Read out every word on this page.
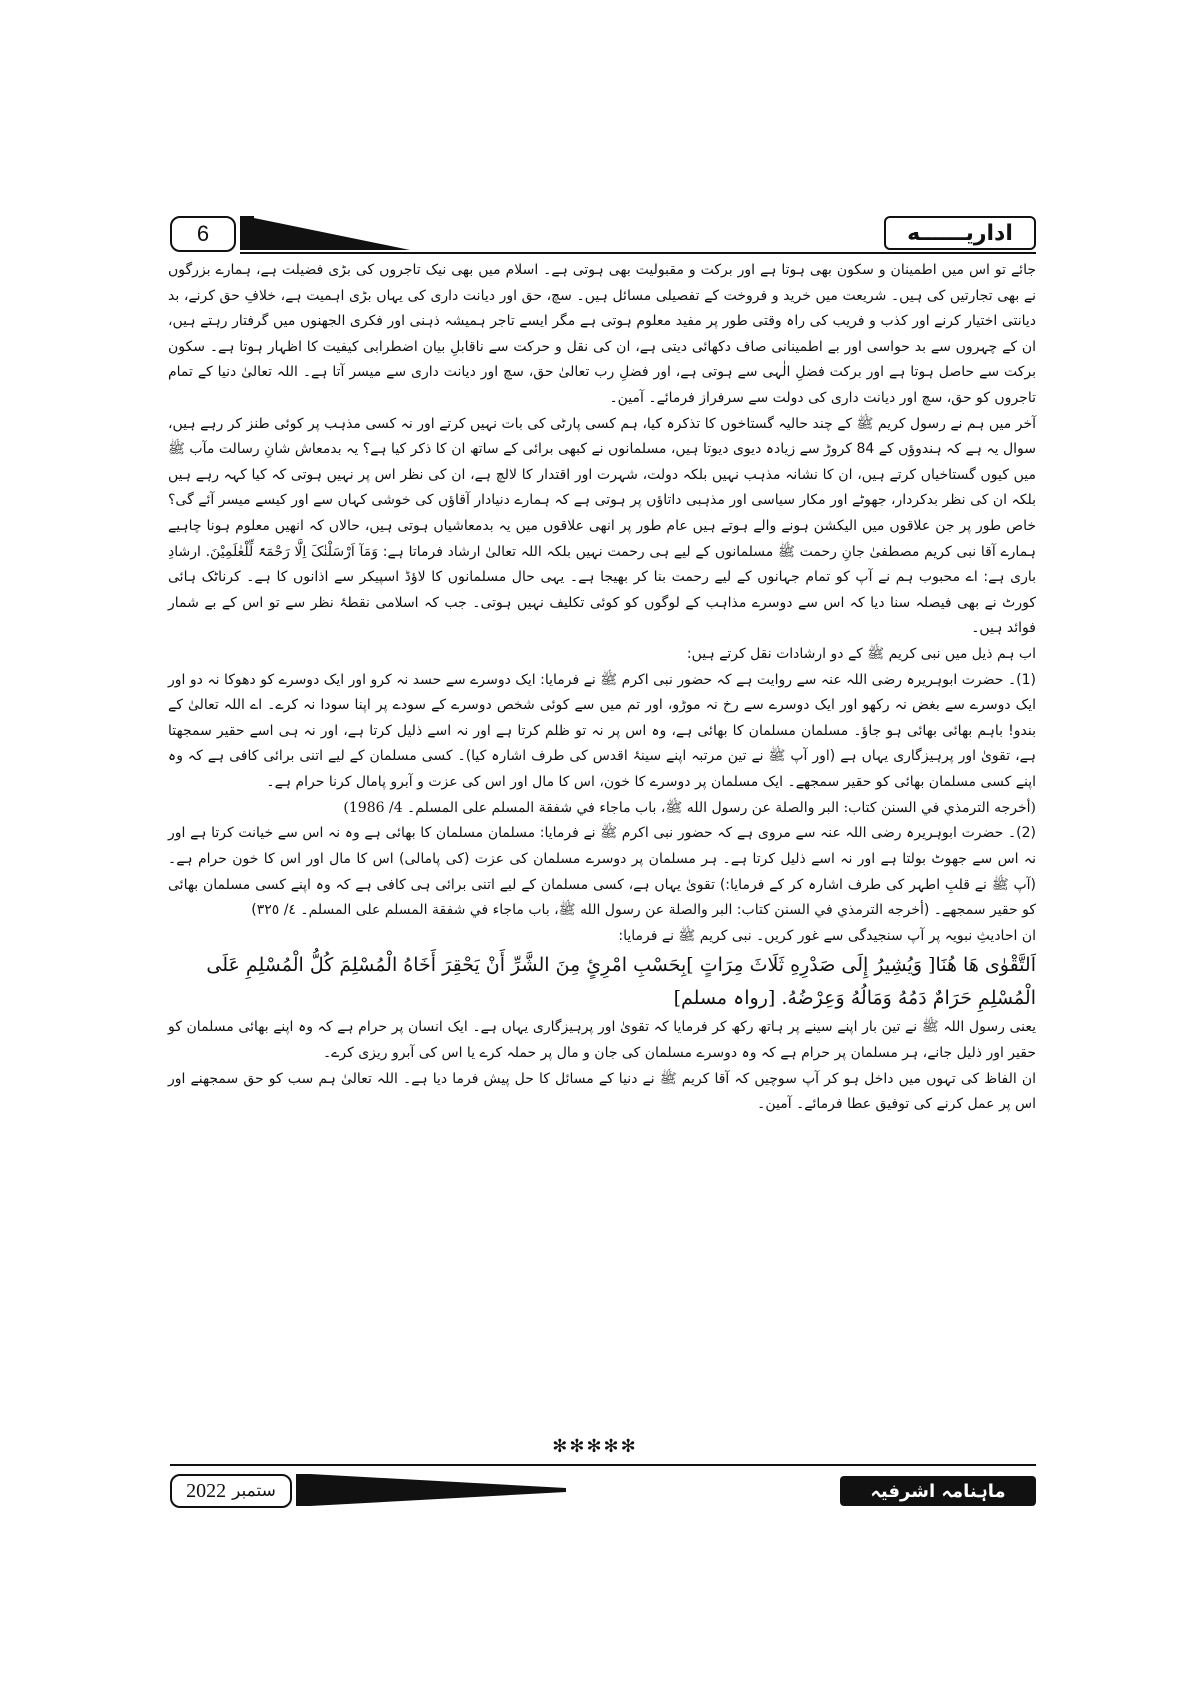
6	اداریــــــه

جائے تو اس میں اطمینان و سکون بھی ہوتا ہے اور برکت و مقبولیت بھی ہوتی ہے۔ اسلام میں بھی نیک تاجروں کی بڑی فضیلت ہے، ہمارے بزرگوں نے بھی تجارتیں کی ہیں۔ شریعت میں خرید و فروخت کے تفصیلی مسائل ہیں۔ سچ، حق اور دیانت داری کی یہاں بڑی اہمیت ہے، خلافِ حق کرنے، بد دیانتی اختیار کرنے اور کذب و فریب کی راہ وقتی طور پر مفید معلوم ہوتی ہے مگر ایسے تاجر ہمیشہ ذہنی اور فکری الجھنوں میں گرفتار رہتے ہیں، ان کے چہروں سے بد حواسی اور بے اطمینانی صاف دکھائی دیتی ہے، ان کی نقل و حرکت سے ناقابلِ بیان اضطرابی کیفیت کا اظہار ہوتا ہے۔ سکون برکت سے حاصل ہوتا ہے اور برکت فضلِ الٰہی سے ہوتی ہے، اور فضلِ رب تعالیٰ حق، سچ اور دیانت داری سے میسر آتا ہے۔ اللہ تعالیٰ دنیا کے تمام تاجروں کو حق، سچ اور دیانت داری کی دولت سے سرفراز فرمائے۔ آمین۔

آخر میں ہم نے رسول کریم ﷺ کے چند حالیہ گستاخوں کا تذکرہ کیا، ہم کسی پارٹی کی بات نہیں کرتے اور نہ کسی مذہب پر کوئی طنز کر رہے ہیں، سوال یہ ہے کہ ہندوؤں کے 84 کروڑ سے زیادہ دیوی دیوتا ہیں، مسلمانوں نے کبھی برائی کے ساتھ ان کا ذکر کیا ہے؟ یہ بدمعاش شانِ رسالت مآب ﷺ میں کیوں گستاخیاں کرتے ہیں، ان کا نشانہ مذہب نہیں بلکہ دولت، شہرت اور اقتدار کا لالچ ہے، ان کی نظر اس پر نہیں ہوتی کہ کیا کہہ رہے ہیں بلکہ ان کی نظر بدکردار، جھوٹے اور مکار سیاسی اور مذہبی داتاؤں پر ہوتی ہے کہ ہمارے دنیادار آقاؤں کی خوشی کہاں سے اور کیسے میسر آئے گی؟ خاص طور پر جن علاقوں میں الیکشن ہونے والے ہوتے ہیں عام طور پر انھی علاقوں میں یہ بدمعاشیاں ہوتی ہیں، حالاں کہ انھیں معلوم ہونا چاہیے ہمارے آقا نبی کریم مصطفیٰ جانِ رحمت ﷺ مسلمانوں کے لیے ہی رحمت نہیں بلکہ اللہ تعالیٰ ارشاد فرماتا ہے: وَمَآ اَرْسَلْنٰکَ اِلَّا رَحْمَۃً لِّلْعٰلَمِیْنَ. ارشادِ باری ہے: اے محبوب ہم نے آپ کو تمام جہانوں کے لیے رحمت بنا کر بھیجا ہے۔ یہی حال مسلمانوں کا لاؤڈ اسپیکر سے اذانوں کا ہے۔ کرناٹک ہائی کورٹ نے بھی فیصلہ سنا دیا کہ اس سے دوسرے مذاہب کے لوگوں کو کوئی تکلیف نہیں ہوتی۔ جب کہ اسلامی نقطۂ نظر سے تو اس کے بے شمار فوائد ہیں۔

اب ہم ذیل میں نبی کریم ﷺ کے دو ارشادات نقل کرتے ہیں:

(1)۔ حضرت ابوہریرہ رضی اللہ عنہ سے روایت ہے کہ حضور نبی اکرم ﷺ نے فرمایا: ایک دوسرے سے حسد نہ کرو اور ایک دوسرے کو دھوکا نہ دو اور ایک دوسرے سے بغض نہ رکھو اور ایک دوسرے سے رخ نہ موڑو، اور تم میں سے کوئی شخص دوسرے کے سودے پر اپنا سودا نہ کرے۔ اے اللہ تعالیٰ کے بندو! باہم بھائی بھائی ہو جاؤ۔ مسلمان مسلمان کا بھائی ہے، وہ اس پر نہ تو ظلم کرتا ہے اور نہ اسے ذلیل کرتا ہے، اور نہ ہی اسے حقیر سمجھتا ہے، تقویٰ اور پرہیزگاری یہاں ہے (اور آپ ﷺ نے تین مرتبہ اپنے سینۂ اقدس کی طرف اشارہ کیا)۔ کسی مسلمان کے لیے اتنی برائی کافی ہے کہ وہ اپنے کسی مسلمان بھائی کو حقیر سمجھے۔ ایک مسلمان پر دوسرے کا خون، اس کا مال اور اس کی عزت و آبرو پامال کرنا حرام ہے۔

(أخرجه الترمذي في السنن كتاب: البر والصلة عن رسول الله ﷺ، باب ماجاء في شفقة المسلم على المسلم۔ 4/ 1986)

(2)۔ حضرت ابوہریرہ رضی اللہ عنہ سے مروی ہے کہ حضور نبی اکرم ﷺ نے فرمایا: مسلمان مسلمان کا بھائی ہے وہ نہ اس سے خیانت کرتا ہے اور نہ اس سے جھوٹ بولتا ہے اور نہ اسے ذلیل کرتا ہے۔ ہر مسلمان پر دوسرے مسلمان کی عزت (کی پامالی) اس کا مال اور اس کا خون حرام ہے۔ (آپ ﷺ نے قلبِ اطہر کی طرف اشارہ کر کے فرمایا:) تقویٰ یہاں ہے، کسی مسلمان کے لیے اتنی برائی ہی کافی ہے کہ وہ اپنے کسی مسلمان بھائی کو حقیر سمجھے۔ (أخرجه الترمذي في السنن كتاب: البر والصلة عن رسول الله ﷺ، باب ماجاء في شفقة المسلم على المسلم۔ ٤/ ٣٢٥)

ان احادیثِ نبویہ پر آپ سنجیدگی سے غور کریں۔ نبی کریم ﷺ نے فرمایا:

اَلتَّقْوٰی هَا هُنَا[ وَيُشِيرُ إِلَى صَدْرِهِ ثَلَاثَ مِرَاتٍ ]بِحَسْبِ امْرِئٍ مِنَ الشَّرِّ أَنْ يَحْقِرَ أَخَاهُ الْمُسْلِمَ كُلُّ الْمُسْلِمِ عَلَى الْمُسْلِمِ حَرَامٌ دَمُهُ وَمَالُهُ وَعِرْضُهُ. [رواہ مسلم]

یعنی رسول اللہ ﷺ نے تین بار اپنے سینے پر ہاتھ رکھ کر فرمایا کہ تقویٰ اور پرہیزگاری یہاں ہے۔ ایک انسان پر حرام ہے کہ وہ اپنے بھائی مسلمان کو حقیر اور ذلیل جانے، ہر مسلمان پر حرام ہے کہ وہ دوسرے مسلمان کی جان و مال پر حملہ کرے یا اس کی آبرو ریزی کرے۔

ان الفاظ کی تہوں میں داخل ہو کر آپ سوچیں کہ آقا کریم ﷺ نے دنیا کے مسائل کا حل پیش فرما دیا ہے۔ اللہ تعالیٰ ہم سب کو حق سمجھنے اور اس پر عمل کرنے کی توفیق عطا فرمائے۔ آمین۔

✻✻✻✻✻
2022 ستمبر	ماہنامہ اشرفیہ
